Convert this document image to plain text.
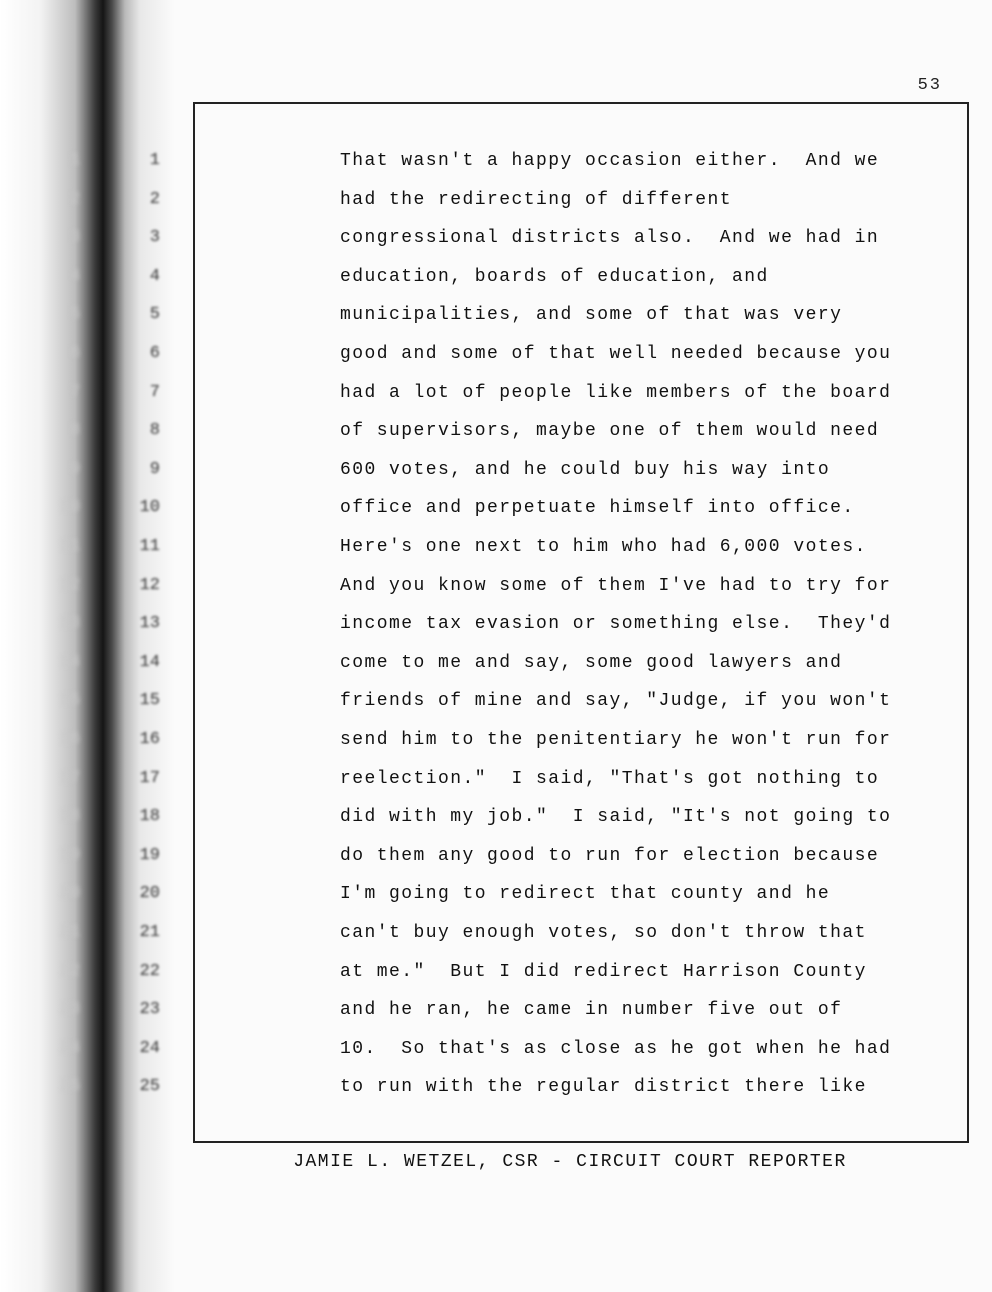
1
2
3
4
5
6
7
8
9
10
11
12
13
14
15
16
17
18
19
20
21
22
23
24
25
53
1
2
3
4
5
6
7
8
9
10
11
12
13
14
15
16
17
18
19
20
21
22
23
24
25
That wasn't a happy occasion either.  And we
had the redirecting of different
congressional districts also.  And we had in
education, boards of education, and
municipalities, and some of that was very
good and some of that well needed because you
had a lot of people like members of the board
of supervisors, maybe one of them would need
600 votes, and he could buy his way into
office and perpetuate himself into office.
Here's one next to him who had 6,000 votes.
And you know some of them I've had to try for
income tax evasion or something else.  They'd
come to me and say, some good lawyers and
friends of mine and say, "Judge, if you won't
send him to the penitentiary he won't run for
reelection."  I said, "That's got nothing to
did with my job."  I said, "It's not going to
do them any good to run for election because
I'm going to redirect that county and he
can't buy enough votes, so don't throw that
at me."  But I did redirect Harrison County
and he ran, he came in number five out of
10.  So that's as close as he got when he had
to run with the regular district there like
JAMIE L. WETZEL, CSR - CIRCUIT COURT REPORTER
